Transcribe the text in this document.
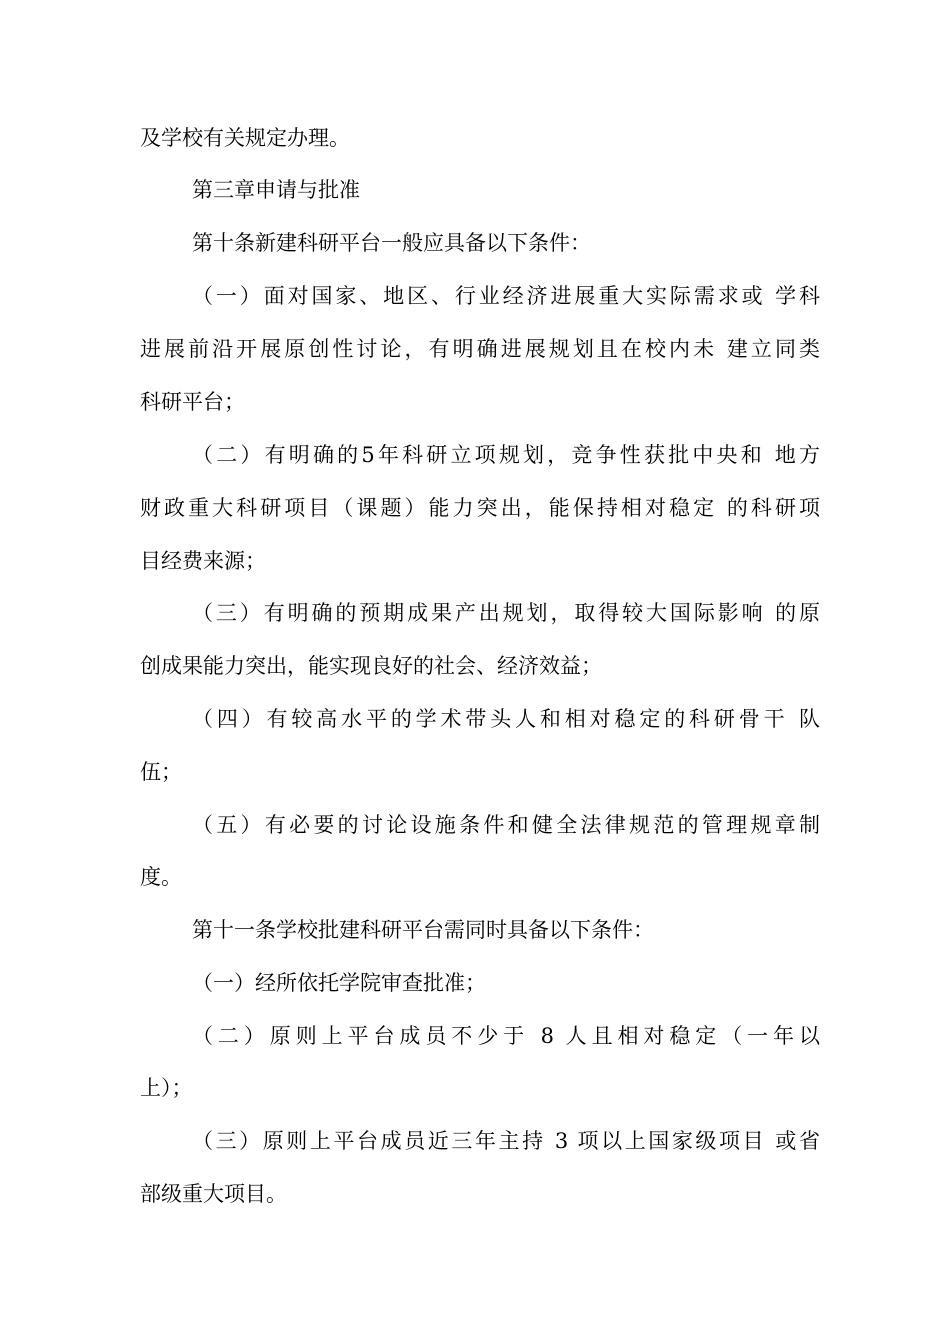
及学校有关规定办理。
第三章申请与批准
第十条新建科研平台一般应具备以下条件：
（一）面对国家、地区、行业经济进展重大实际需求或 学科
进展前沿开展原创性讨论，有明确进展规划且在校内未 建立同类
科研平台；
（二）有明确的5年科研立项规划，竞争性获批中央和 地方
财政重大科研项目（课题）能力突出，能保持相对稳定 的科研项
目经费来源；
（三）有明确的预期成果产出规划，取得较大国际影响 的原
创成果能力突出，能实现良好的社会、经济效益；
（四）有较高水平的学术带头人和相对稳定的科研骨干 队
伍；
（五）有必要的讨论设施条件和健全法律规范的管理规章制
度。
第十一条学校批建科研平台需同时具备以下条件：
（一）经所依托学院审查批准；
（二）原则上平台成员不少于 8 人且相对稳定（一年以
上）；
（三）原则上平台成员近三年主持 3 项以上国家级项目 或省
部级重大项目。
